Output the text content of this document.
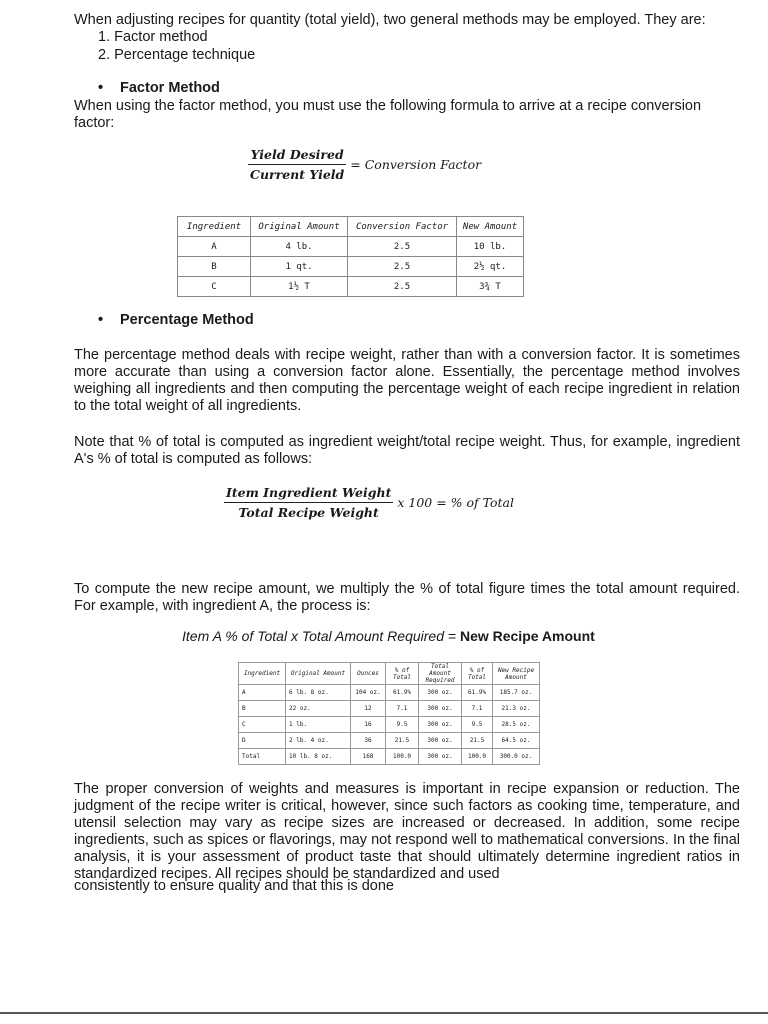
When adjusting recipes for quantity (total yield), two general methods may be employed. They are:
1. Factor method
2. Percentage technique
• Factor Method
When using the factor method, you must use the following formula to arrive at a recipe conversion factor:
$\frac{\text{Yield Desired}}{\text{Current Yield}}$ = Conversion Factor
Ingredient	Original Amount	Conversion Factor	New Amount
A	4 lb.	2.5	10 lb.
B	1 qt.	2.5	2½ qt.
C	1½ T	2.5	3¾ T
• Percentage Method
The percentage method deals with recipe weight, rather than with a conversion factor. It is sometimes more accurate than using a conversion factor alone. Essentially, the percentage method involves weighing all ingredients and then computing the percentage weight of each recipe ingredient in relation to the total weight of all ingredients.
Note that % of total is computed as ingredient weight/total recipe weight. Thus, for example, ingredient A's % of total is computed as follows:
$\frac{\text{Item Ingredient Weight}}{\text{Total Recipe Weight}}$ x 100 = % of Total
To compute the new recipe amount, we multiply the % of total figure times the total amount required. For example, with ingredient A, the process is:
Item A % of Total x Total Amount Required = New Recipe Amount
Ingredient	Original Amount	Ounces	% of Total	Total Amount Required	% of Total	New Recipe Amount
A	6 lb. 8 oz.	104 oz.	61.9%	300 oz.	61.9%	185.7 oz.
B	22 oz.	12	7.1	300 oz.	7.1	21.3 oz.
C	1 lb.	16	9.5	300 oz.	9.5	28.5 oz.
D	2 lb. 4 oz.	36	21.5	300 oz.	21.5	64.5 oz.
Total	10 lb. 8 oz.	168	100.0	300 oz.	100.0	300.0 oz.
The proper conversion of weights and measures is important in recipe expansion or reduction. The judgment of the recipe writer is critical, however, since such factors as cooking time, temperature, and utensil selection may vary as recipe sizes are increased or decreased. In addition, some recipe ingredients, such as spices or flavorings, may not respond well to mathematical conversions. In the final analysis, it is your assessment of product taste that should ultimately determine ingredient ratios in standardized recipes. All recipes should be standardized and used
consistently to ensure quality and that this is done
